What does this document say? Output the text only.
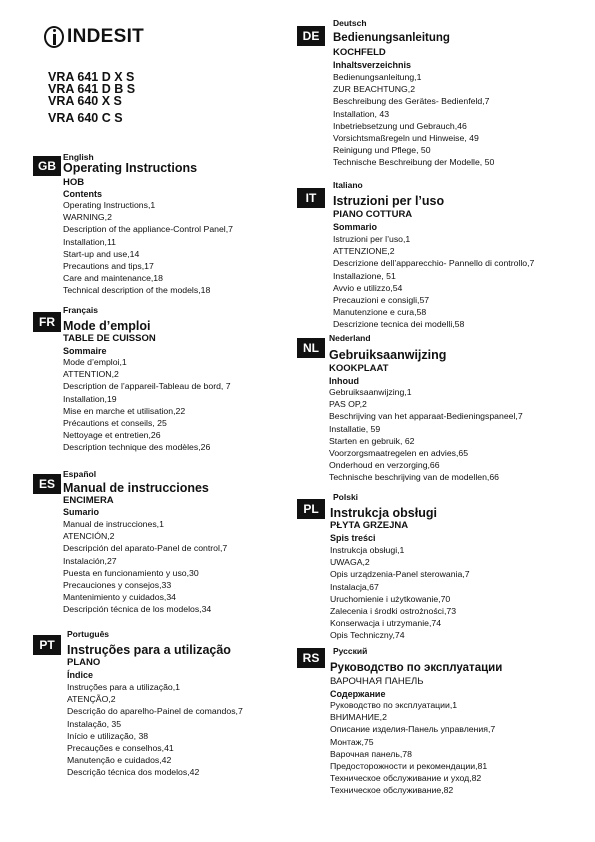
INDESIT
VRA 641 D X S
VRA 641 D B S
VRA 640 X S
VRA 640 C S
GB
English
Operating Instructions
HOB
Contents
Operating Instructions,1
WARNING,2
Description of the appliance-Control Panel,7
Installation,11
Start-up and use,14
Precautions and tips,17
Care and maintenance,18
Technical description of the models,18
FR
Français
Mode d’emploi
TABLE DE CUISSON
Sommaire
Mode d’emploi,1
ATTENTION,2
Description de l’appareil-Tableau de bord, 7
Installation,19
Mise en marche et utilisation,22
Précautions et conseils, 25
Nettoyage et entretien,26
Description technique des modèles,26
ES
Español
Manual de instrucciones
ENCIMERA
Sumario
Manual de instrucciones,1
ATENCIÓN,2
Descripción del aparato-Panel de control,7
Instalación,27
Puesta en funcionamiento y uso,30
Precauciones y consejos,33
Mantenimiento y cuidados,34
Descripción técnica de los modelos,34
PT
Português
Instruções para a utilização
PLANO
Índice
Instruções para a utilização,1
ATENÇÃO,2
Descrição do aparelho-Painel de comandos,7
Instalação, 35
Início e utilização, 38
Precauções e conselhos,41
Manutenção e cuidados,42
Descrição técnica dos modelos,42
DE
Deutsch
Bedienungsanleitung
KOCHFELD
Inhaltsverzeichnis
Bedienungsanleitung,1
ZUR BEACHTUNG,2
Beschreibung des Gerätes- Bedienfeld,7
Installation, 43
Inbetriebsetzung und Gebrauch,46
Vorsichtsmaßregeln und Hinweise, 49
Reinigung und Pflege, 50
Technische Beschreibung der Modelle, 50
IT
Italiano
Istruzioni per l’uso
PIANO COTTURA
Sommario
Istruzioni per l’uso,1
ATTENZIONE,2
Descrizione dell’apparecchio- Pannello di controllo,7
Installazione, 51
Avvio e utilizzo,54
Precauzioni e consigli,57
Manutenzione e cura,58
Descrizione tecnica dei modelli,58
NL
Nederland
Gebruiksaanwijzing
KOOKPLAAT
Inhoud
Gebruiksaanwijzing,1
PAS OP,2
Beschrijving van het apparaat-Bedieningspaneel,7
Installatie, 59
Starten en gebruik, 62
Voorzorgsmaatregelen en advies,65
Onderhoud en verzorging,66
Technische beschrijving van de modellen,66
PL
Polski
Instrukcja obsługi
PŁYTA GRZEJNA
Spis treści
Instrukcja obsługi,1
UWAGA,2
Opis urządzenia-Panel sterowania,7
Instalacja,67
Uruchomienie i użytkowanie,70
Zalecenia i środki ostrożności,73
Konserwacja i utrzymanie,74
Opis Techniczny,74
RS	Русский
Руководство по эксплуатации
ВАРОЧНАЯ ПАНЕЛЬ
Содержание
Руководство по эксплуатации,1
ВНИМАНИЕ,2
Описание изделия-Панель управления,7
Монтаж,75
Варочная панель,78
Предосторожности и рекомендации,81
Техническое обслуживание и уход,82
Техническое обслуживание,82
